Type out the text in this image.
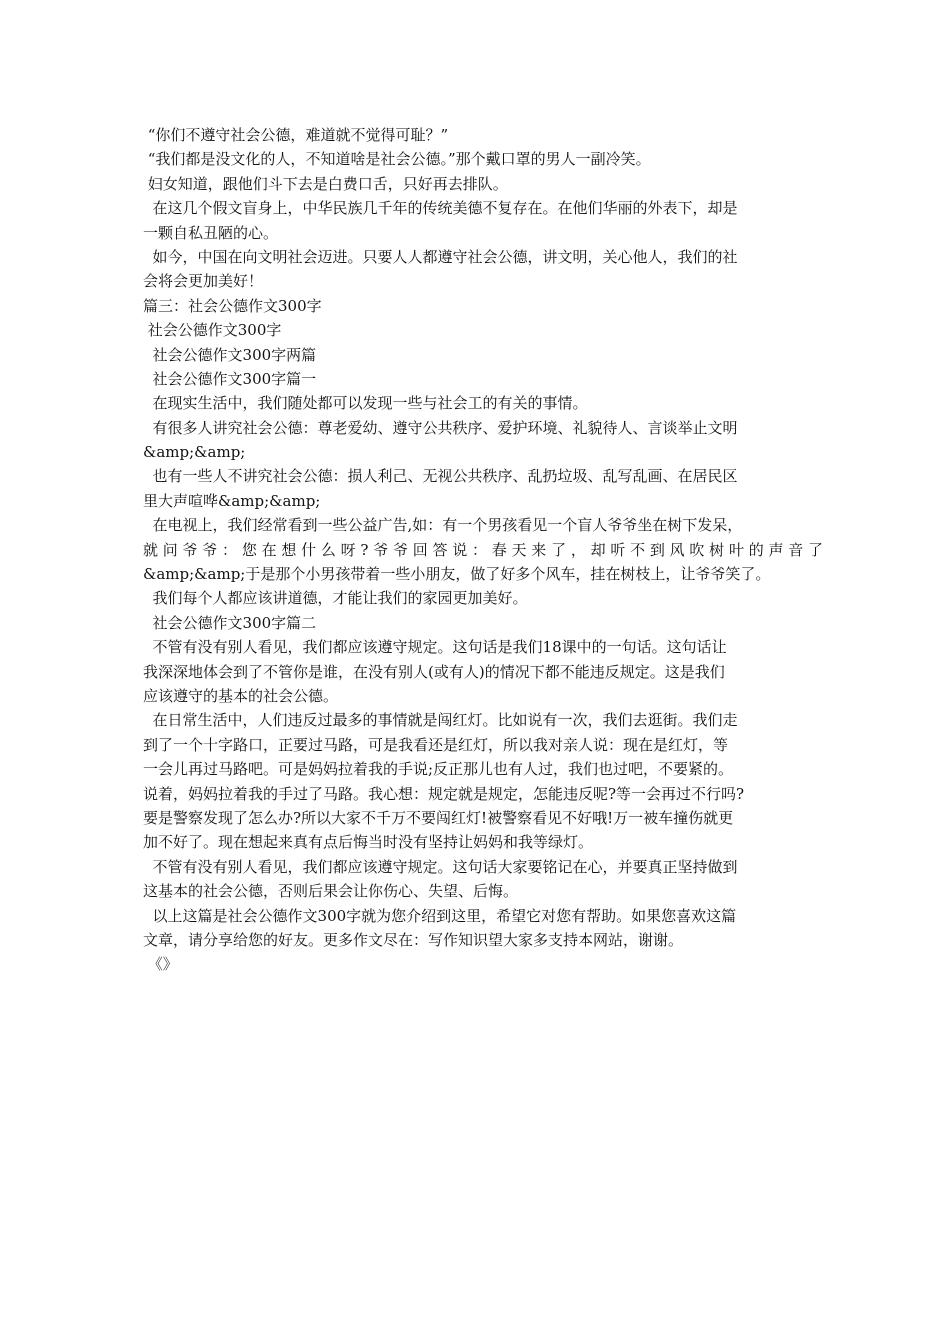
“你们不遵守社会公德，难道就不觉得可耻？”
“我们都是没文化的人，不知道啥是社会公德。”那个戴口罩的男人一副冷笑。
妇女知道，跟他们斗下去是白费口舌，只好再去排队。
在这几个假文盲身上，中华民族几千年的传统美德不复存在。在他们华丽的外表下，却是
一颗自私丑陋的心。
如今，中国在向文明社会迈进。只要人人都遵守社会公德，讲文明，关心他人，我们的社
会将会更加美好！
篇三：社会公德作文300字
社会公德作文300字
社会公德作文300字两篇
社会公德作文300字篇一
在现实生活中，我们随处都可以发现一些与社会工的有关的事情。
有很多人讲究社会公德：尊老爱幼、遵守公共秩序、爱护环境、礼貌待人、言谈举止文明
&amp;&amp;
也有一些人不讲究社会公德：损人利己、无视公共秩序、乱扔垃圾、乱写乱画、在居民区
里大声喧哗&amp;&amp;
在电视上，我们经常看到一些公益广告,如：有一个男孩看见一个盲人爷爷坐在树下发呆，
就问爷爷：您在想什么呀?爷爷回答说：春天来了，却听不到风吹树叶的声音了
&amp;&amp;于是那个小男孩带着一些小朋友，做了好多个风车，挂在树枝上，让爷爷笑了。
我们每个人都应该讲道德，才能让我们的家园更加美好。
社会公德作文300字篇二
不管有没有别人看见，我们都应该遵守规定。这句话是我们18课中的一句话。这句话让
我深深地体会到了不管你是谁，在没有别人(或有人)的情况下都不能违反规定。这是我们
应该遵守的基本的社会公德。
在日常生活中，人们违反过最多的事情就是闯红灯。比如说有一次，我们去逛街。我们走
到了一个十字路口，正要过马路，可是我看还是红灯，所以我对亲人说：现在是红灯，等
一会儿再过马路吧。可是妈妈拉着我的手说;反正那儿也有人过，我们也过吧，不要紧的。
说着，妈妈拉着我的手过了马路。我心想：规定就是规定，怎能违反呢?等一会再过不行吗?
要是警察发现了怎么办?所以大家不千万不要闯红灯!被警察看见不好哦!万一被车撞伤就更
加不好了。现在想起来真有点后悔当时没有坚持让妈妈和我等绿灯。
不管有没有别人看见，我们都应该遵守规定。这句话大家要铭记在心，并要真正坚持做到
这基本的社会公德，否则后果会让你伤心、失望、后悔。
以上这篇是社会公德作文300字就为您介绍到这里，希望它对您有帮助。如果您喜欢这篇
文章，请分享给您的好友。更多作文尽在：写作知识望大家多支持本网站，谢谢。
《》
